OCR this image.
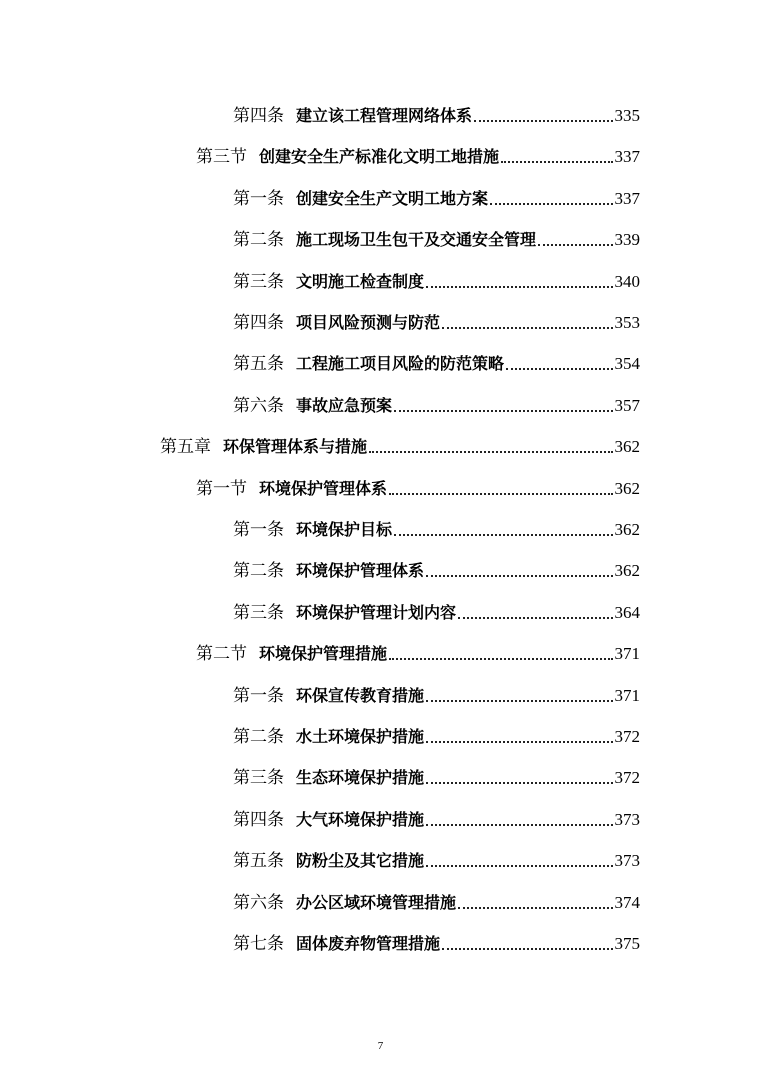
第四条 建立该工程管理网络体系	335
第三节 创建安全生产标准化文明工地措施	337
第一条 创建安全生产文明工地方案	337
第二条 施工现场卫生包干及交通安全管理	339
第三条 文明施工检查制度	340
第四条 项目风险预测与防范	353
第五条 工程施工项目风险的防范策略	354
第六条 事故应急预案	357
第五章 环保管理体系与措施	362
第一节 环境保护管理体系	362
第一条 环境保护目标	362
第二条 环境保护管理体系	362
第三条 环境保护管理计划内容	364
第二节 环境保护管理措施	371
第一条 环保宣传教育措施	371
第二条 水土环境保护措施	372
第三条 生态环境保护措施	372
第四条 大气环境保护措施	373
第五条 防粉尘及其它措施	373
第六条 办公区域环境管理措施	374
第七条 固体废弃物管理措施	375
7
